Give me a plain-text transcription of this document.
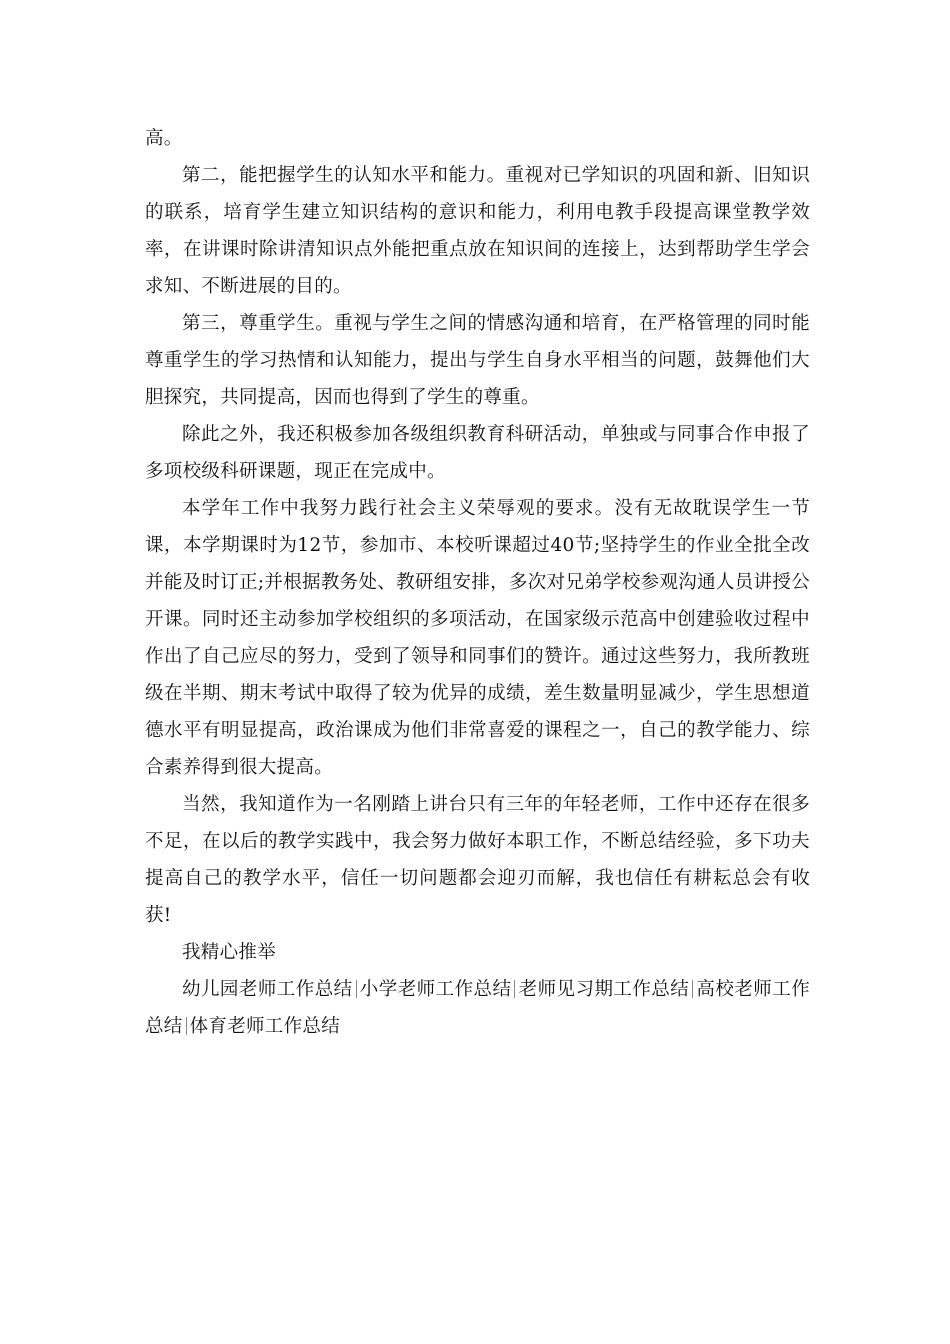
高。

第二，能把握学生的认知水平和能力。重视对已学知识的巩固和新、旧知识的联系，培育学生建立知识结构的意识和能力，利用电教手段提高课堂教学效率，在讲课时除讲清知识点外能把重点放在知识间的连接上，达到帮助学生学会求知、不断进展的目的。

第三，尊重学生。重视与学生之间的情感沟通和培育，在严格管理的同时能尊重学生的学习热情和认知能力，提出与学生自身水平相当的问题，鼓舞他们大胆探究，共同提高，因而也得到了学生的尊重。

除此之外，我还积极参加各级组织教育科研活动，单独或与同事合作申报了多项校级科研课题，现正在完成中。

本学年工作中我努力践行社会主义荣辱观的要求。没有无故耽误学生一节课，本学期课时为12节，参加市、本校听课超过40节;坚持学生的作业全批全改并能及时订正;并根据教务处、教研组安排，多次对兄弟学校参观沟通人员讲授公开课。同时还主动参加学校组织的多项活动，在国家级示范高中创建验收过程中作出了自己应尽的努力，受到了领导和同事们的赞许。通过这些努力，我所教班级在半期、期末考试中取得了较为优异的成绩，差生数量明显减少，学生思想道德水平有明显提高，政治课成为他们非常喜爱的课程之一，自己的教学能力、综合素养得到很大提高。

当然，我知道作为一名刚踏上讲台只有三年的年轻老师，工作中还存在很多不足，在以后的教学实践中，我会努力做好本职工作，不断总结经验，多下功夫提高自己的教学水平，信任一切问题都会迎刃而解，我也信任有耕耘总会有收获!

我精心推举

幼儿园老师工作总结 小学老师工作总结 老师见习期工作总结 高校老师工作总结 体育老师工作总结
